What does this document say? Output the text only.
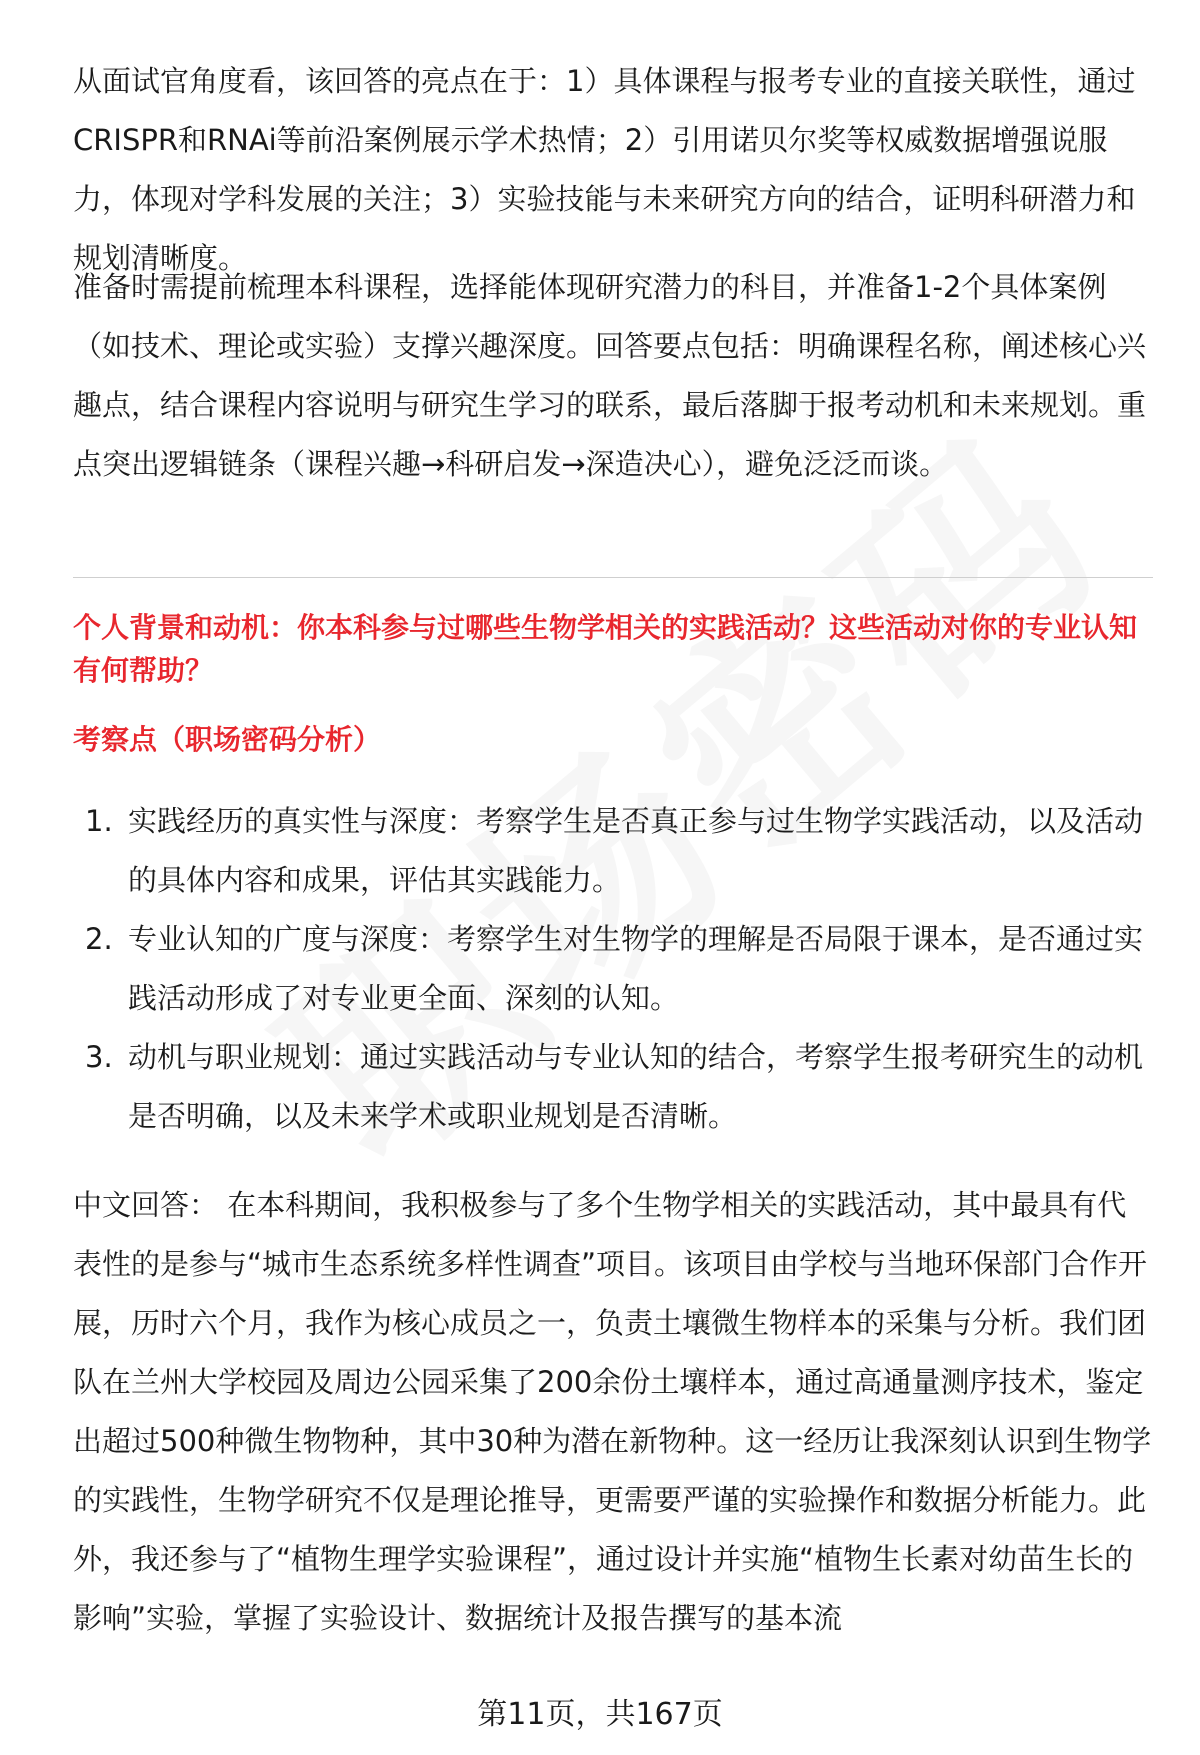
从面试官角度看，该回答的亮点在于：1）具体课程与报考专业的直接关联性，通过CRISPR和RNAi等前沿案例展示学术热情；2）引用诺贝尔奖等权威数据增强说服力，体现对学科发展的关注；3）实验技能与未来研究方向的结合，证明科研潜力和规划清晰度。

准备时需提前梳理本科课程，选择能体现研究潜力的科目，并准备1-2个具体案例（如技术、理论或实验）支撑兴趣深度。回答要点包括：明确课程名称，阐述核心兴趣点，结合课程内容说明与研究生学习的联系，最后落脚于报考动机和未来规划。重点突出逻辑链条（课程兴趣→科研启发→深造决心），避免泛泛而谈。

个人背景和动机：你本科参与过哪些生物学相关的实践活动？这些活动对你的专业认知有何帮助？

考察点（职场密码分析）

1. 实践经历的真实性与深度：考察学生是否真正参与过生物学实践活动，以及活动的具体内容和成果，评估其实践能力。
2. 专业认知的广度与深度：考察学生对生物学的理解是否局限于课本，是否通过实践活动形成了对专业更全面、深刻的认知。
3. 动机与职业规划：通过实践活动与专业认知的结合，考察学生报考研究生的动机是否明确，以及未来学术或职业规划是否清晰。

中文回答： 在本科期间，我积极参与了多个生物学相关的实践活动，其中最具有代表性的是参与“城市生态系统多样性调查”项目。该项目由学校与当地环保部门合作开展，历时六个月，我作为核心成员之一，负责土壤微生物样本的采集与分析。我们团队在兰州大学校园及周边公园采集了200余份土壤样本，通过高通量测序技术，鉴定出超过500种微生物物种，其中30种为潜在新物种。这一经历让我深刻认识到生物学的实践性，生物学研究不仅是理论推导，更需要严谨的实验操作和数据分析能力。此外，我还参与了“植物生理学实验课程”，通过设计并实施“植物生长素对幼苗生长的影响”实验，掌握了实验设计、数据统计及报告撰写的基本流

第11页，共167页
